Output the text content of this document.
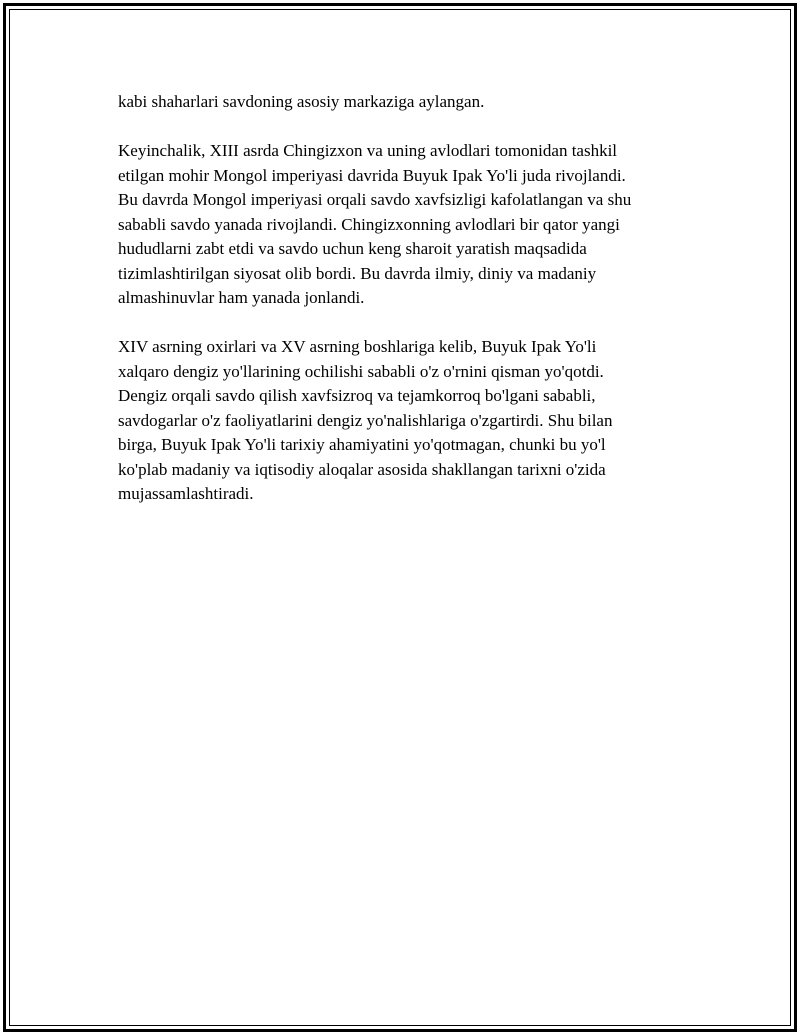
kabi shaharlari savdoning asosiy markaziga aylangan.

Keyinchalik, XIII asrda Chingizxon va uning avlodlari tomonidan tashkil
etilgan mohir Mongol imperiyasi davrida Buyuk Ipak Yo'li juda rivojlandi.
Bu davrda Mongol imperiyasi orqali savdo xavfsizligi kafolatlangan va shu
sababli savdo yanada rivojlandi. Chingizxonning avlodlari bir qator yangi
hududlarni zabt etdi va savdo uchun keng sharoit yaratish maqsadida
tizimlashtirilgan siyosat olib bordi. Bu davrda ilmiy, diniy va madaniy
almashinuvlar ham yanada jonlandi.

XIV asrning oxirlari va XV asrning boshlariga kelib, Buyuk Ipak Yo'li
xalqaro dengiz yo'llarining ochilishi sababli o'z o'rnini qisman yo'qotdi.
Dengiz orqali savdo qilish xavfsizroq va tejamkorroq bo'lgani sababli,
savdogarlar o'z faoliyatlarini dengiz yo'nalishlariga o'zgartirdi. Shu bilan
birga, Buyuk Ipak Yo'li tarixiy ahamiyatini yo'qotmagan, chunki bu yo'l
ko'plab madaniy va iqtisodiy aloqalar asosida shakllangan tarixni o'zida
mujassamlashtiradi.
